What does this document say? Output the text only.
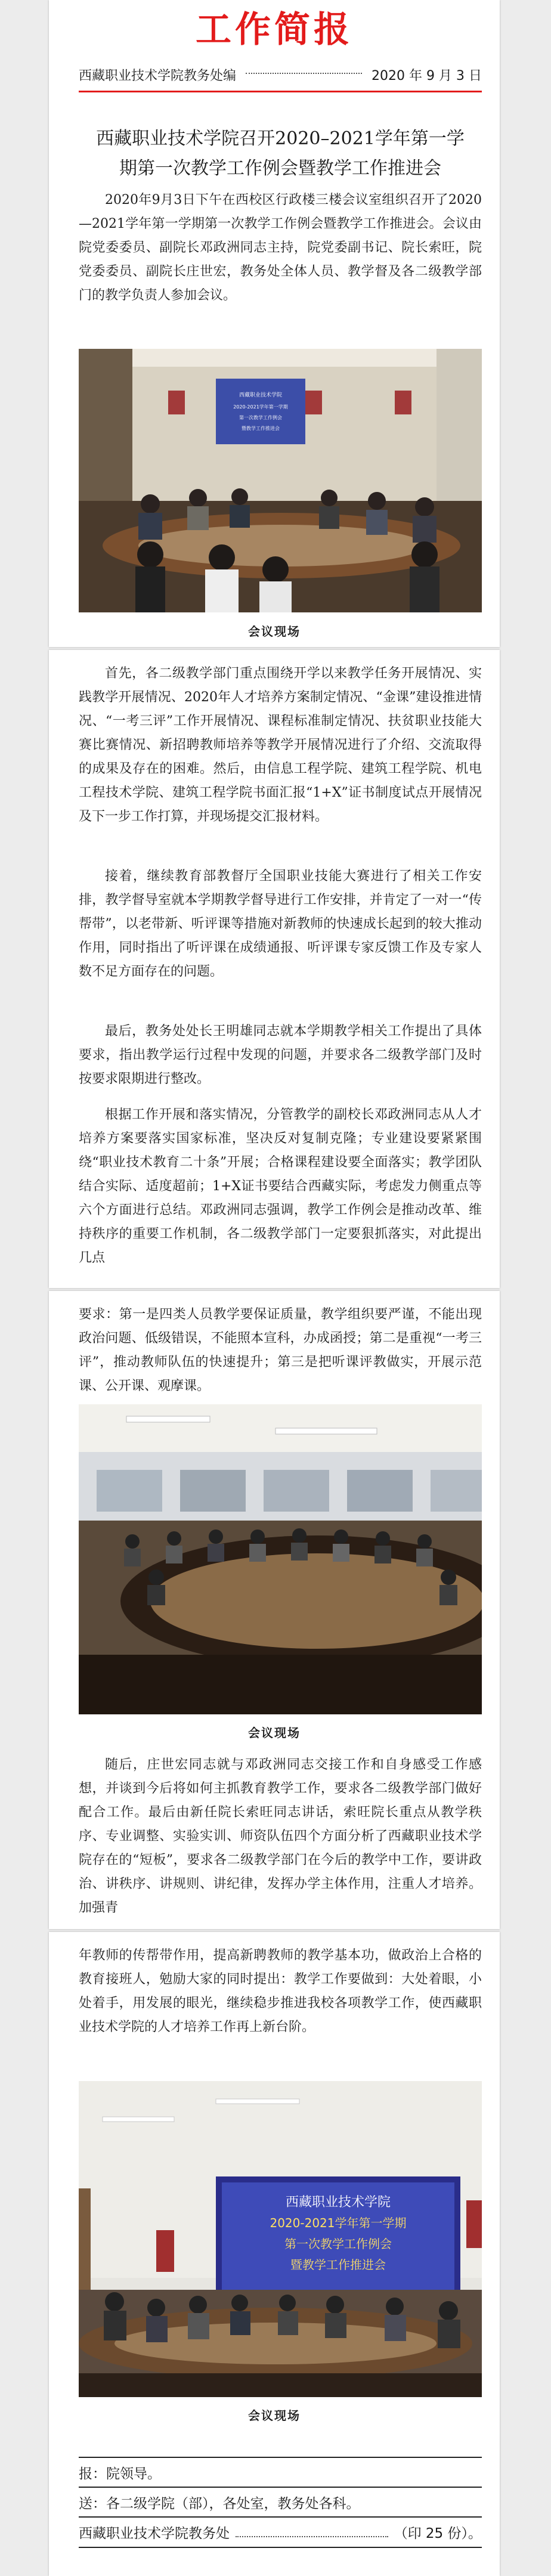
工作简报
西藏职业技术学院教务处编	2020 年 9 月 3 日
西藏职业技术学院召开2020–2021学年第一学
期第一次教学工作例会暨教学工作推进会

2020年9月3日下午在西校区行政楼三楼会议室组织召开了2020—2021学年第一学期第一次教学工作例会暨教学工作推进会。会议由院党委委员、副院长邓政洲同志主持，院党委副书记、院长索旺，院党委委员、副院长庄世宏，教务处全体人员、教学督及各二级教学部门的教学负责人参加会议。

西藏职业技术学院
2020-2021学年第一学期
第一次教学工作例会
暨教学工作推进会
会议现场

首先，各二级教学部门重点围绕开学以来教学任务开展情况、实践教学开展情况、2020年人才培养方案制定情况、“金课”建设推进情况、“一考三评”工作开展情况、课程标准制定情况、扶贫职业技能大赛比赛情况、新招聘教师培养等教学开展情况进行了介绍、交流取得的成果及存在的困难。然后，由信息工程学院、建筑工程学院、机电工程技术学院、建筑工程学院书面汇报“1+X”证书制度试点开展情况及下一步工作打算，并现场提交汇报材料。

接着，继续教育部教督厅全国职业技能大赛进行了相关工作安排，教学督导室就本学期教学督导进行工作安排，并肯定了一对一“传帮带”，以老带新、听评课等措施对新教师的快速成长起到的较大推动作用，同时指出了听评课在成绩通报、听评课专家反馈工作及专家人数不足方面存在的问题。

最后，教务处处长王明雄同志就本学期教学相关工作提出了具体要求，指出教学运行过程中发现的问题，并要求各二级教学部门及时按要求限期进行整改。

根据工作开展和落实情况，分管教学的副校长邓政洲同志从人才培养方案要落实国家标准，坚决反对复制克隆；专业建设要紧紧围绕“职业技术教育二十条”开展；合格课程建设要全面落实；教学团队结合实际、适度超前；1+X证书要结合西藏实际，考虑发力侧重点等六个方面进行总结。邓政洲同志强调，教学工作例会是推动改革、维持秩序的重要工作机制，各二级教学部门一定要狠抓落实，对此提出几点

要求：第一是四类人员教学要保证质量，教学组织要严谨，不能出现政治问题、低级错误，不能照本宣科，办成函授；第二是重视“一考三评”，推动教师队伍的快速提升；第三是把听课评教做实，开展示范课、公开课、观摩课。

会议现场

随后，庄世宏同志就与邓政洲同志交接工作和自身感受工作感想，并谈到今后将如何主抓教育教学工作，要求各二级教学部门做好配合工作。最后由新任院长索旺同志讲话，索旺院长重点从教学秩序、专业调整、实验实训、师资队伍四个方面分析了西藏职业技术学院存在的“短板”，要求各二级教学部门在今后的教学中工作，要讲政治、讲秩序、讲规则、讲纪律，发挥办学主体作用，注重人才培养。加强青

年教师的传帮带作用，提高新聘教师的教学基本功，做政治上合格的教育接班人，勉励大家的同时提出：教学工作要做到：大处着眼，小处着手，用发展的眼光，继续稳步推进我校各项教学工作，使西藏职业技术学院的人才培养工作再上新台阶。

西藏职业技术学院
2020-2021学年第一学期
第一次教学工作例会
暨教学工作推进会
会议现场
报：院领导。
送：各二级学院（部），各处室，教务处各科。
西藏职业技术学院教务处	（印 25 份）。
